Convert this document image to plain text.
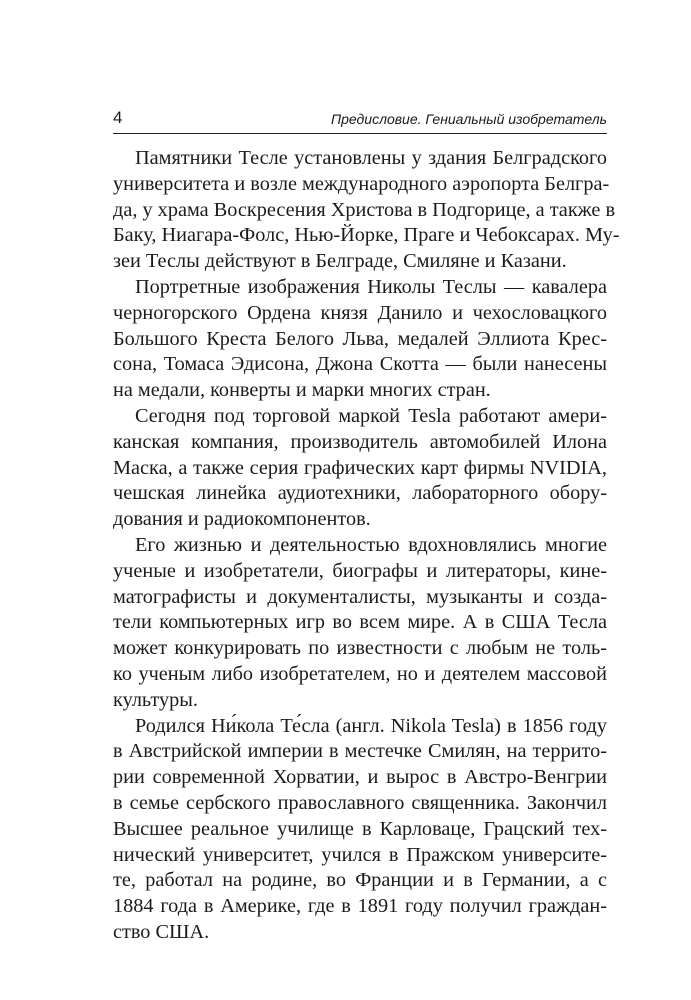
4	Предисловие. Гениальный изобретатель

Памятники Тесле установлены у здания Белградского
университета и возле международного аэропорта Белгра-
да, у храма Воскресения Христова в Подгорице, а также в
Баку, Ниагара-Фолс, Нью-Йорке, Праге и Чебоксарах. Му-
зеи Теслы действуют в Белграде, Смиляне и Казани.

Портретные изображения Николы Теслы — кавалера
черногорского Ордена князя Данило и чехословацкого
Большого Креста Белого Льва, медалей Эллиота Крес-
сона, Томаса Эдисона, Джона Скотта — были нанесены
на медали, конверты и марки многих стран.

Сегодня под торговой маркой Tesla работают амери-
канская компания, производитель автомобилей Илона
Маска, а также серия графических карт фирмы NVIDIA,
чешская линейка аудиотехники, лабораторного обору-
дования и радиокомпонентов.

Его жизнью и деятельностью вдохновлялись многие
ученые и изобретатели, биографы и литераторы, кине-
матографисты и документалисты, музыканты и созда-
тели компьютерных игр во всем мире. А в США Тесла
может конкурировать по известности с любым не толь-
ко ученым либо изобретателем, но и деятелем массовой
культуры.

Родился Ни́кола Те́сла (англ. Nikola Tesla) в 1856 году
в Австрийской империи в местечке Смилян, на террито-
рии современной Хорватии, и вырос в Австро-Венгрии
в семье сербского православного священника. Закончил
Высшее реальное училище в Карловаце, Грацский тех-
нический университет, учился в Пражском университе-
те, работал на родине, во Франции и в Германии, а с
1884 года в Америке, где в 1891 году получил граждан-
ство США.
